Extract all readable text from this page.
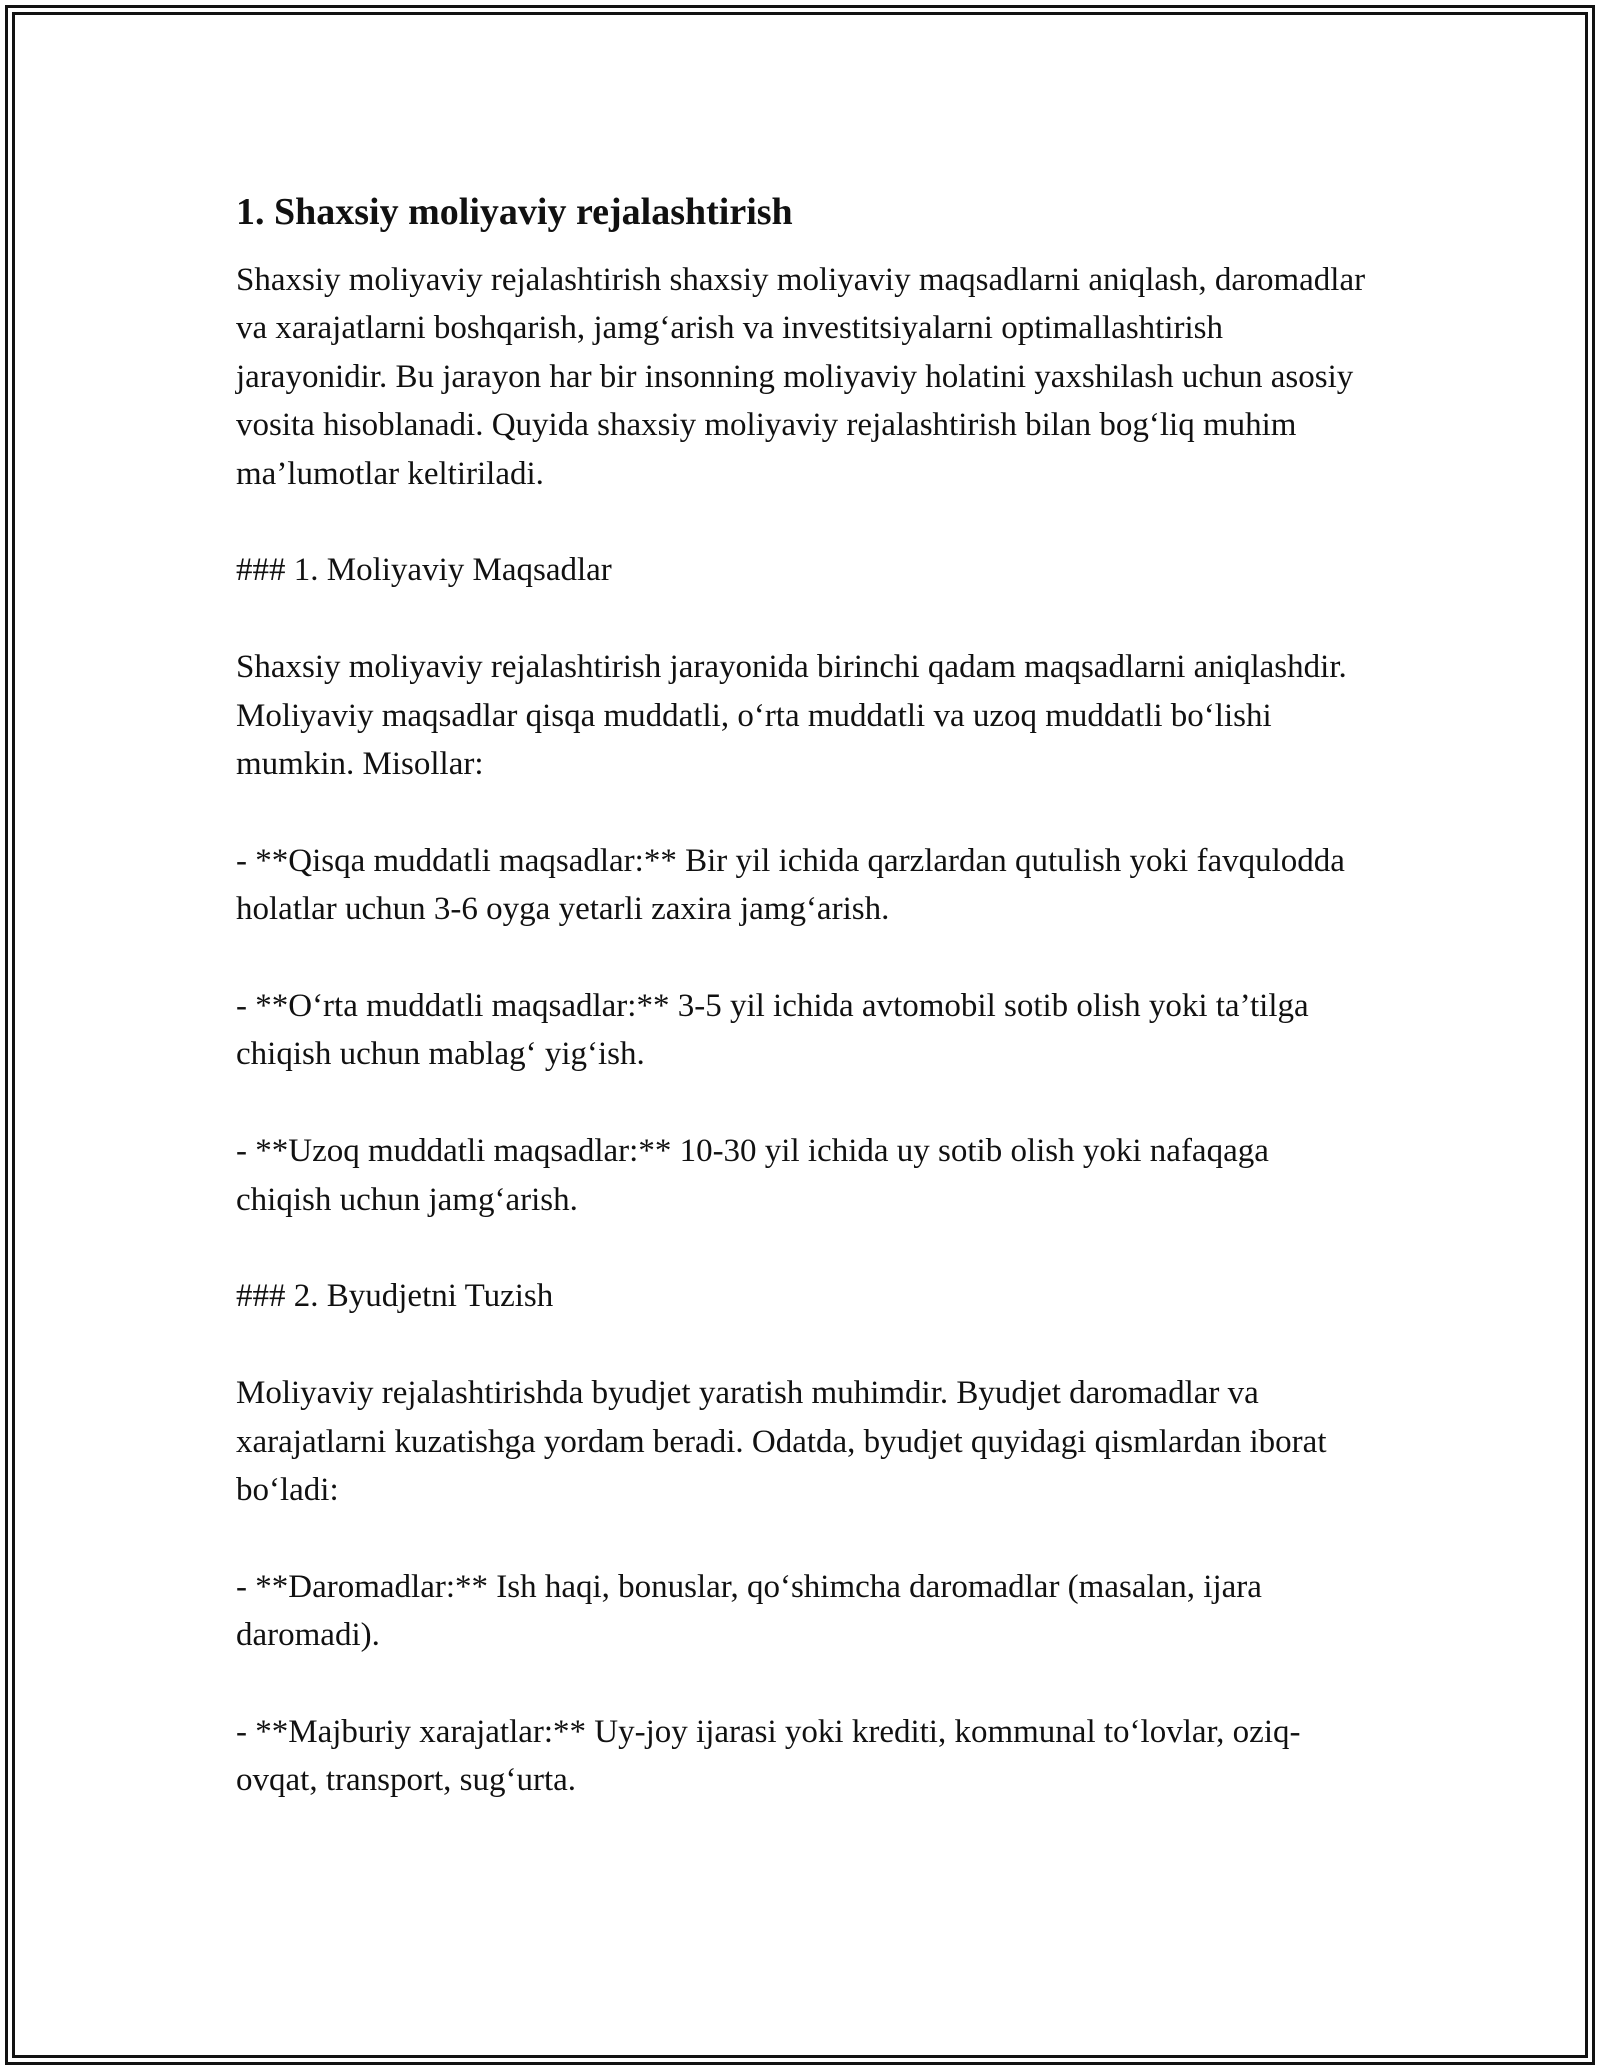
1. Shaxsiy moliyaviy rejalashtirish

Shaxsiy moliyaviy rejalashtirish shaxsiy moliyaviy maqsadlarni aniqlash, daromadlar va xarajatlarni boshqarish, jamg‘arish va investitsiyalarni optimallashtirish jarayonidir. Bu jarayon har bir insonning moliyaviy holatini yaxshilash uchun asosiy vosita hisoblanadi. Quyida shaxsiy moliyaviy rejalashtirish bilan bog‘liq muhim ma’lumotlar keltiriladi.

### 1. Moliyaviy Maqsadlar

Shaxsiy moliyaviy rejalashtirish jarayonida birinchi qadam maqsadlarni aniqlashdir. Moliyaviy maqsadlar qisqa muddatli, o‘rta muddatli va uzoq muddatli bo‘lishi mumkin. Misollar:

- **Qisqa muddatli maqsadlar:** Bir yil ichida qarzlardan qutulish yoki favqulodda holatlar uchun 3-6 oyga yetarli zaxira jamg‘arish.

- **O‘rta muddatli maqsadlar:** 3-5 yil ichida avtomobil sotib olish yoki ta’tilga chiqish uchun mablag‘ yig‘ish.

- **Uzoq muddatli maqsadlar:** 10-30 yil ichida uy sotib olish yoki nafaqaga chiqish uchun jamg‘arish.

### 2. Byudjetni Tuzish

Moliyaviy rejalashtirishda byudjet yaratish muhimdir. Byudjet daromadlar va xarajatlarni kuzatishga yordam beradi. Odatda, byudjet quyidagi qismlardan iborat bo‘ladi:

- **Daromadlar:** Ish haqi, bonuslar, qo‘shimcha daromadlar (masalan, ijara daromadi).

- **Majburiy xarajatlar:** Uy-joy ijarasi yoki krediti, kommunal to‘lovlar, oziq-ovqat, transport, sug‘urta.
